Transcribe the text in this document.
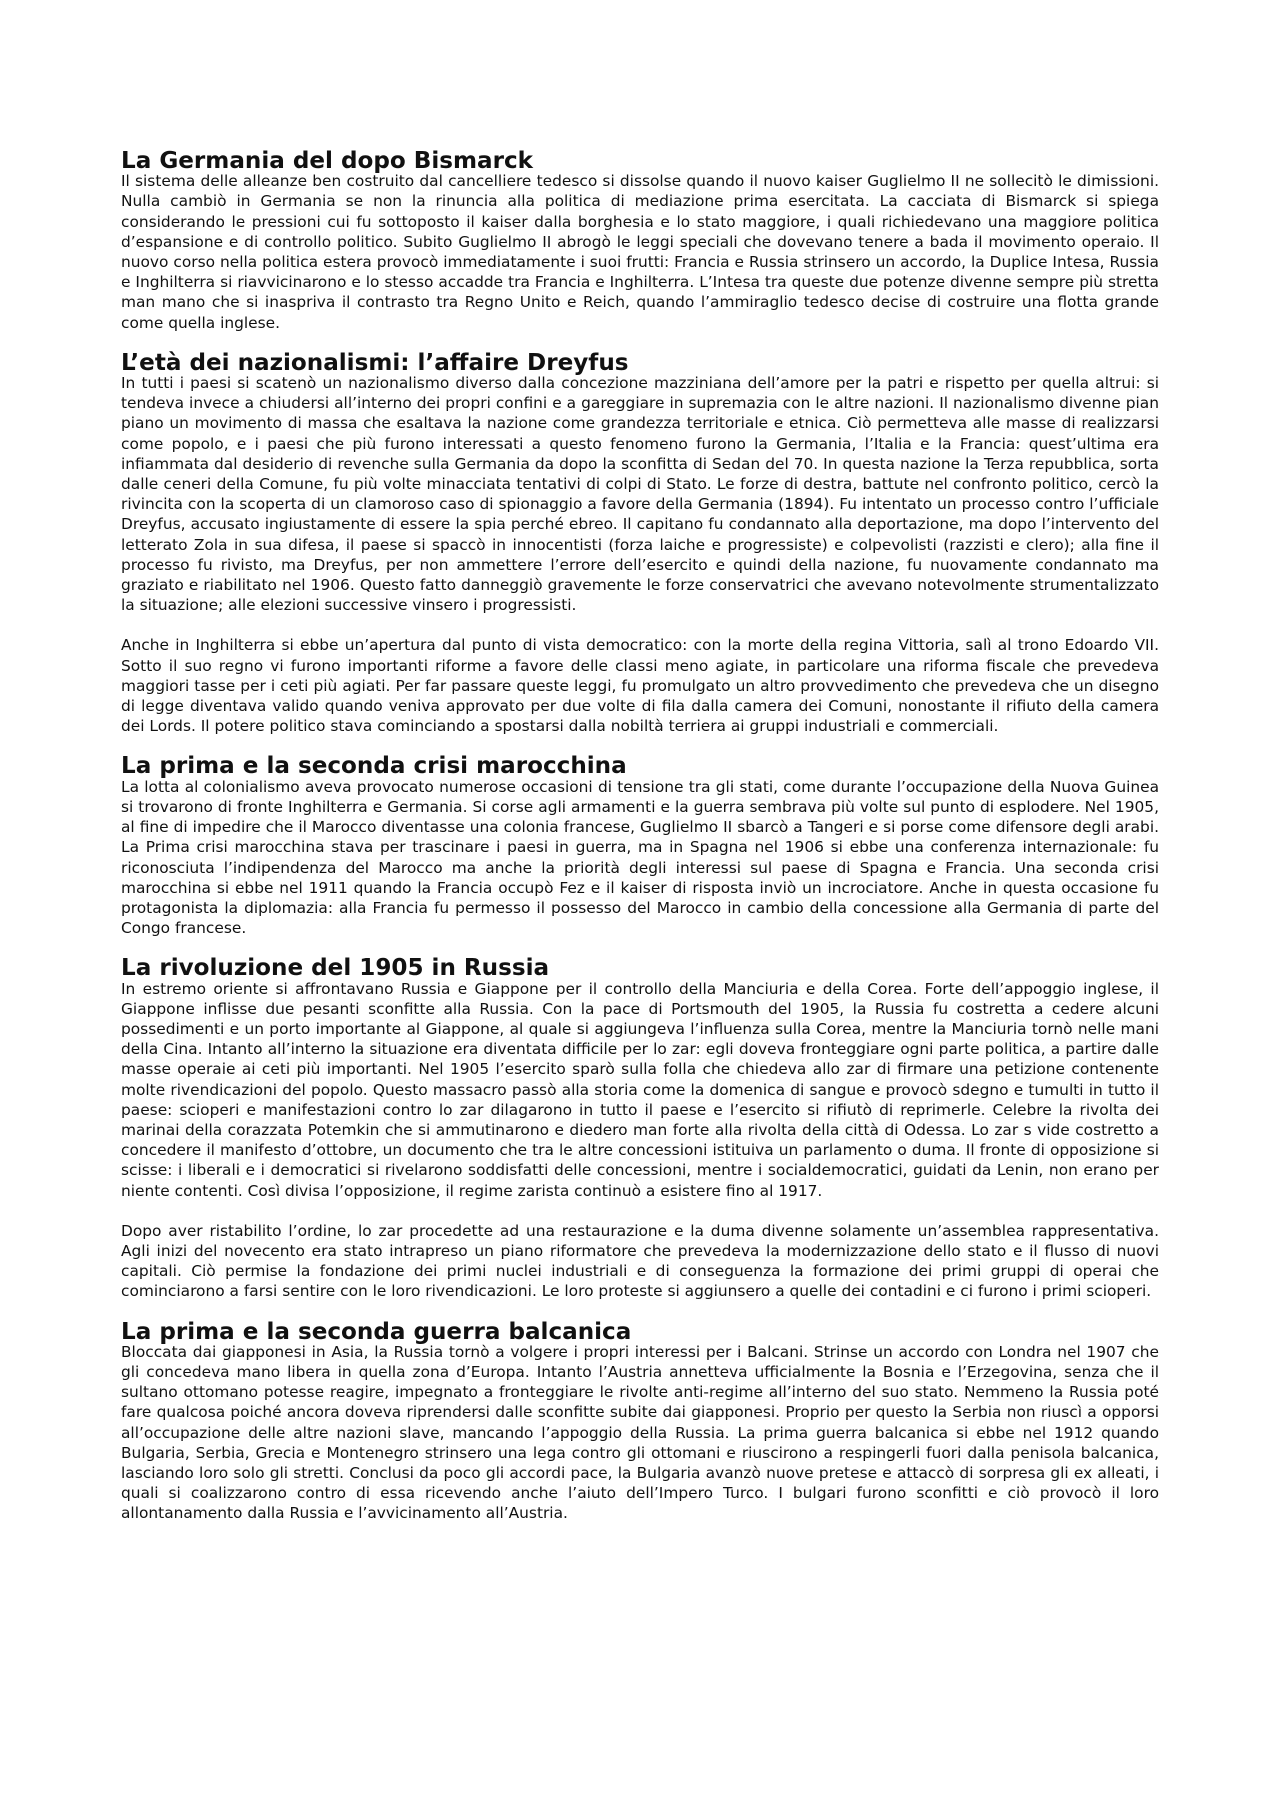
La Germania del dopo Bismarck

Il sistema delle alleanze ben costruito dal cancelliere tedesco si dissolse quando il nuovo kaiser Guglielmo II ne sollecitò le dimissioni. Nulla cambiò in Germania se non la rinuncia alla politica di mediazione prima esercitata. La cacciata di Bismarck si spiega considerando le pressioni cui fu sottoposto il kaiser dalla borghesia e lo stato maggiore, i quali richiedevano una maggiore politica d’espansione e di controllo politico. Subito Guglielmo II abrogò le leggi speciali che dovevano tenere a bada il movimento operaio. Il nuovo corso nella politica estera provocò immediatamente i suoi frutti: Francia e Russia strinsero un accordo, la Duplice Intesa, Russia e Inghilterra si riavvicinarono e lo stesso accadde tra Francia e Inghilterra. L’Intesa tra queste due potenze divenne sempre più stretta man mano che si inaspriva il contrasto tra Regno Unito e Reich, quando l’ammiraglio tedesco decise di costruire una flotta grande come quella inglese.

L’età dei nazionalismi: l’affaire Dreyfus

In tutti i paesi si scatenò un nazionalismo diverso dalla concezione mazziniana dell’amore per la patri e rispetto per quella altrui: si tendeva invece a chiudersi all’interno dei propri confini e a gareggiare in supremazia con le altre nazioni. Il nazionalismo divenne pian piano un movimento di massa che esaltava la nazione come grandezza territoriale e etnica. Ciò permetteva alle masse di realizzarsi come popolo, e i paesi che più furono interessati a questo fenomeno furono la Germania, l’Italia e la Francia: quest’ultima era infiammata dal desiderio di revenche sulla Germania da dopo la sconfitta di Sedan del 70. In questa nazione la Terza repubblica, sorta dalle ceneri della Comune, fu più volte minacciata tentativi di colpi di Stato. Le forze di destra, battute nel confronto politico, cercò la rivincita con la scoperta di un clamoroso caso di spionaggio a favore della Germania (1894). Fu intentato un processo contro l’ufficiale Dreyfus, accusato ingiustamente di essere la spia perché ebreo. Il capitano fu condannato alla deportazione, ma dopo l’intervento del letterato Zola in sua difesa, il paese si spaccò in innocentisti (forza laiche e progressiste) e colpevolisti (razzisti e clero); alla fine il processo fu rivisto, ma Dreyfus, per non ammettere l’errore dell’esercito e quindi della nazione, fu nuovamente condannato ma graziato e riabilitato nel 1906. Questo fatto danneggiò gravemente le forze conservatrici che avevano notevolmente strumentalizzato la situazione; alle elezioni successive vinsero i progressisti.

Anche in Inghilterra si ebbe un’apertura dal punto di vista democratico: con la morte della regina Vittoria, salì al trono Edoardo VII. Sotto il suo regno vi furono importanti riforme a favore delle classi meno agiate, in particolare una riforma fiscale che prevedeva maggiori tasse per i ceti più agiati. Per far passare queste leggi, fu promulgato un altro provvedimento che prevedeva che un disegno di legge diventava valido quando veniva approvato per due volte di fila dalla camera dei Comuni, nonostante il rifiuto della camera dei Lords. Il potere politico stava cominciando a spostarsi dalla nobiltà terriera ai gruppi industriali e commerciali.

La prima e la seconda crisi marocchina

La lotta al colonialismo aveva provocato numerose occasioni di tensione tra gli stati, come durante l’occupazione della Nuova Guinea si trovarono di fronte Inghilterra e Germania. Si corse agli armamenti e la guerra sembrava più volte sul punto di esplodere. Nel 1905, al fine di impedire che il Marocco diventasse una colonia francese, Guglielmo II sbarcò a Tangeri e si porse come difensore degli arabi. La Prima crisi marocchina stava per trascinare i paesi in guerra, ma in Spagna nel 1906 si ebbe una conferenza internazionale: fu riconosciuta l’indipendenza del Marocco ma anche la priorità degli interessi sul paese di Spagna e Francia. Una seconda crisi marocchina si ebbe nel 1911 quando la Francia occupò Fez e il kaiser di risposta inviò un incrociatore. Anche in questa occasione fu protagonista la diplomazia: alla Francia fu permesso il possesso del Marocco in cambio della concessione alla Germania di parte del Congo francese.

La rivoluzione del 1905 in Russia

In estremo oriente si affrontavano Russia e Giappone per il controllo della Manciuria e della Corea. Forte dell’appoggio inglese, il Giappone inflisse due pesanti sconfitte alla Russia. Con la pace di Portsmouth del 1905, la Russia fu costretta a cedere alcuni possedimenti e un porto importante al Giappone, al quale si aggiungeva l’influenza sulla Corea, mentre la Manciuria tornò nelle mani della Cina. Intanto all’interno la situazione era diventata difficile per lo zar: egli doveva fronteggiare ogni parte politica, a partire dalle masse operaie ai ceti più importanti. Nel 1905 l’esercito sparò sulla folla che chiedeva allo zar di firmare una petizione contenente molte rivendicazioni del popolo. Questo massacro passò alla storia come la domenica di sangue e provocò sdegno e tumulti in tutto il paese: scioperi e manifestazioni contro lo zar dilagarono in tutto il paese e l’esercito si rifiutò di reprimerle. Celebre la rivolta dei marinai della corazzata Potemkin che si ammutinarono e diedero man forte alla rivolta della città di Odessa. Lo zar s vide costretto a concedere il manifesto d’ottobre, un documento che tra le altre concessioni istituiva un parlamento o duma. Il fronte di opposizione si scisse: i liberali e i democratici si rivelarono soddisfatti delle concessioni, mentre i socialdemocratici, guidati da Lenin, non erano per niente contenti. Così divisa l’opposizione, il regime zarista continuò a esistere fino al 1917.

Dopo aver ristabilito l’ordine, lo zar procedette ad una restaurazione e la duma divenne solamente un’assemblea rappresentativa. Agli inizi del novecento era stato intrapreso un piano riformatore che prevedeva la modernizzazione dello stato e il flusso di nuovi capitali. Ciò permise la fondazione dei primi nuclei industriali e di conseguenza la formazione dei primi gruppi di operai che cominciarono a farsi sentire con le loro rivendicazioni. Le loro proteste si aggiunsero a quelle dei contadini e ci furono i primi scioperi.

La prima e la seconda guerra balcanica

Bloccata dai giapponesi in Asia, la Russia tornò a volgere i propri interessi per i Balcani. Strinse un accordo con Londra nel 1907 che gli concedeva mano libera in quella zona d’Europa. Intanto l’Austria annetteva ufficialmente la Bosnia e l’Erzegovina, senza che il sultano ottomano potesse reagire, impegnato a fronteggiare le rivolte anti-regime all’interno del suo stato. Nemmeno la Russia poté fare qualcosa poiché ancora doveva riprendersi dalle sconfitte subite dai giapponesi. Proprio per questo la Serbia non riuscì a opporsi all’occupazione delle altre nazioni slave, mancando l’appoggio della Russia. La prima guerra balcanica si ebbe nel 1912 quando Bulgaria, Serbia, Grecia e Montenegro strinsero una lega contro gli ottomani e riuscirono a respingerli fuori dalla penisola balcanica, lasciando loro solo gli stretti. Conclusi da poco gli accordi pace, la Bulgaria avanzò nuove pretese e attaccò di sorpresa gli ex alleati, i quali si coalizzarono contro di essa ricevendo anche l’aiuto dell’Impero Turco. I bulgari furono sconfitti e ciò provocò il loro allontanamento dalla Russia e l’avvicinamento all’Austria.
